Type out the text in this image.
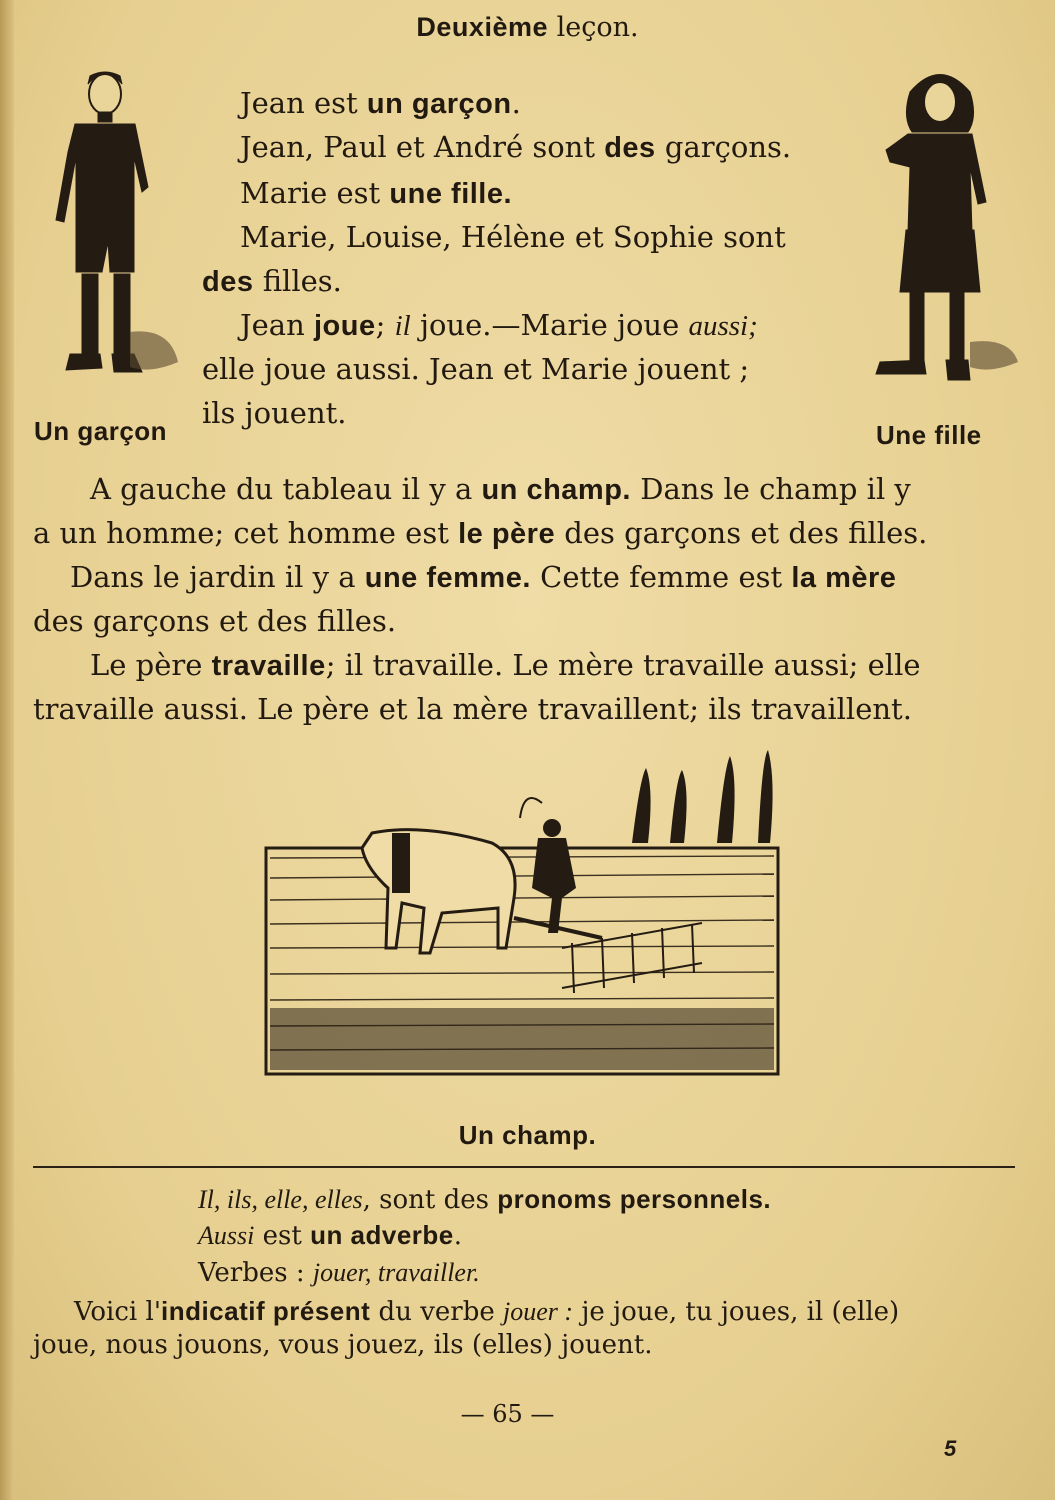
Deuxième leçon.
Un garçon	Une fille
Jean est un garçon.
Jean, Paul et André sont des garçons.
Marie est une fille.
Marie, Louise, Hélène et Sophie sont
des filles.
Jean joue; il joue.—Marie joue aussi;
elle joue aussi. Jean et Marie jouent ;
ils jouent.
A gauche du tableau il y a un champ. Dans le champ il y
a un homme; cet homme est le père des garçons et des filles.
Dans le jardin il y a une femme. Cette femme est la mère
des garçons et des filles.
Le père travaille; il travaille. Le mère travaille aussi; elle
travaille aussi. Le père et la mère travaillent; ils travaillent.
Un champ.
Il, ils, elle, elles, sont des pronoms personnels.
Aussi est un adverbe.
Verbes : jouer, travailler.
Voici l'indicatif présent du verbe jouer : je joue, tu joues, il (elle)
joue, nous jouons, vous jouez, ils (elles) jouent.
— 65 —
5
